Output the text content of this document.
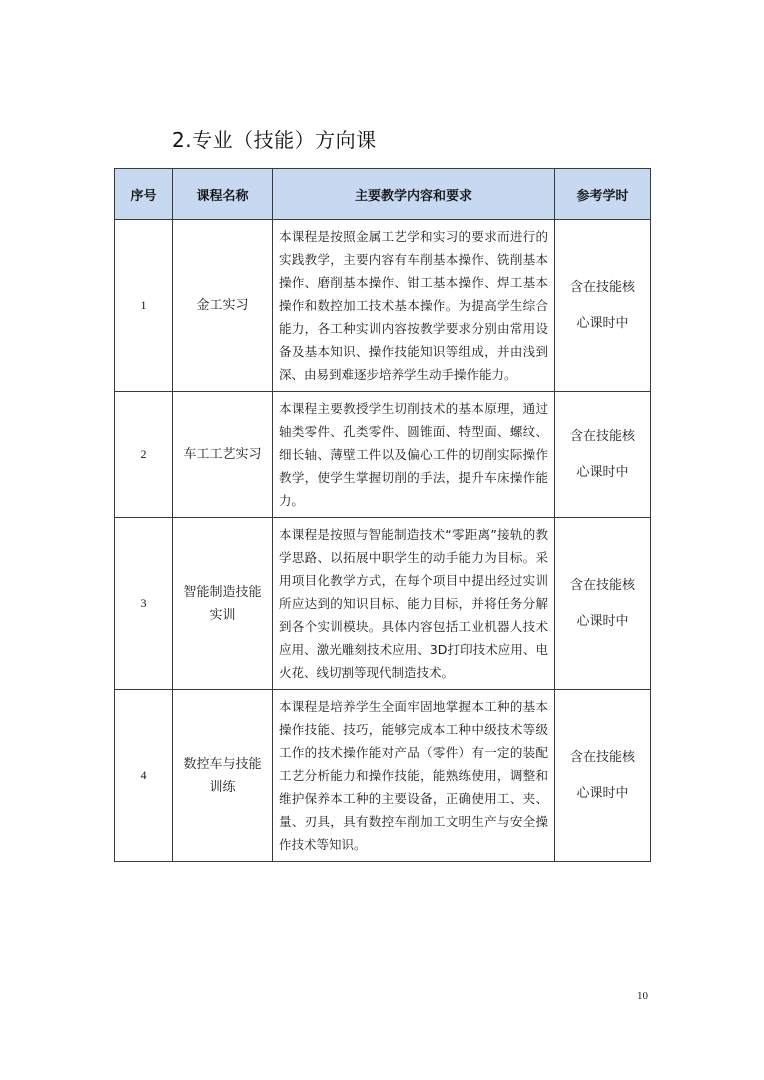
2.专业（技能）方向课
序号	课程名称	主要教学内容和要求	参考学时
1	金工实习	本课程是按照金属工艺学和实习的要求而进行的实践教学，主要内容有车削基本操作、铣削基本操作、磨削基本操作、钳工基本操作、焊工基本操作和数控加工技术基本操作。为提高学生综合能力，各工种实训内容按教学要求分别由常用设备及基本知识、操作技能知识等组成，并由浅到深、由易到难逐步培养学生动手操作能力。	含在技能核
心课时中

2	车工工艺实习	本课程主要教授学生切削技术的基本原理，通过轴类零件、孔类零件、圆锥面、特型面、螺纹、细长轴、薄壁工件以及偏心工件的切削实际操作教学，使学生掌握切削的手法，提升车床操作能力。	含在技能核
心课时中

3	智能制造技能实训	本课程是按照与智能制造技术“零距离”接轨的教学思路、以拓展中职学生的动手能力为目标。采用项目化教学方式，在每个项目中提出经过实训所应达到的知识目标、能力目标，并将任务分解到各个实训模块。具体内容包括工业机器人技术应用、激光雕刻技术应用、3D打印技术应用、电火花、线切割等现代制造技术。	含在技能核
心课时中

4	数控车与技能训练	本课程是培养学生全面牢固地掌握本工种的基本操作技能、技巧，能够完成本工种中级技术等级工作的技术操作能对产品（零件）有一定的装配工艺分析能力和操作技能，能熟练使用，调整和维护保养本工种的主要设备，正确使用工、夹、量、刃具，具有数控车削加工文明生产与安全操作技术等知识。	含在技能核
心课时中
10
